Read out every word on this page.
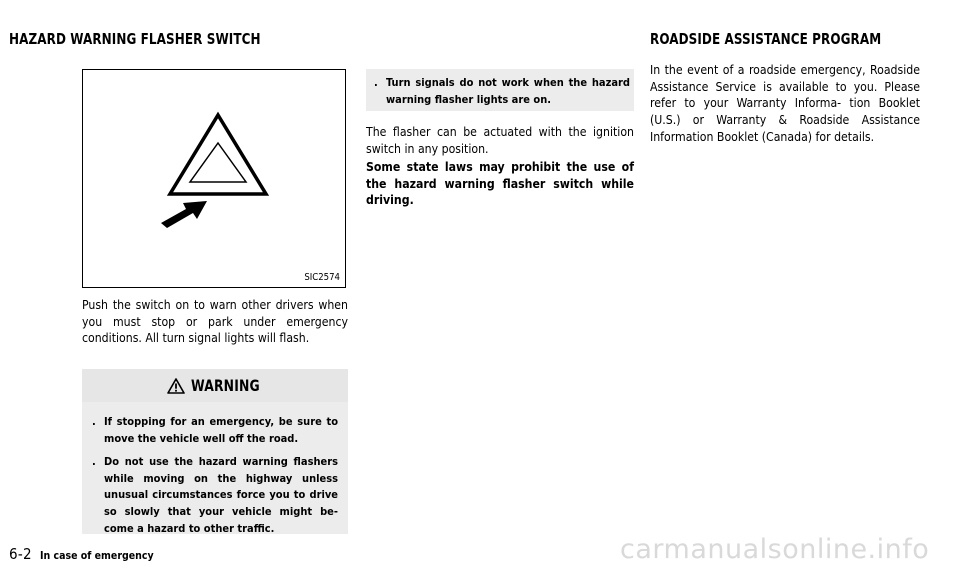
HAZARD WARNING FLASHER SWITCH	ROADSIDE ASSISTANCE PROGRAM
SIC2574

Push the switch on to warn other drivers when you must stop or park under emergency conditions. All turn signal lights will flash.

WARNING
. If stopping for an emergency, be sure to move the vehicle well off the road.
. Do not use the hazard warning flashers while moving on the highway unless unusual circumstances force you to drive so slowly that your vehicle might be- come a hazard to other traffic.
. Turn signals do not work when the hazard warning flasher lights are on.

The flasher can be actuated with the ignition switch in any position.

Some state laws may prohibit the use of the hazard warning flasher switch while driving.

In the event of a roadside emergency, Roadside Assistance Service is available to you. Please refer to your Warranty Informa- tion Booklet (U.S.) or Warranty & Roadside Assistance Information Booklet (Canada) for details.

6-2 In case of emergency	carmanualsonline.info
